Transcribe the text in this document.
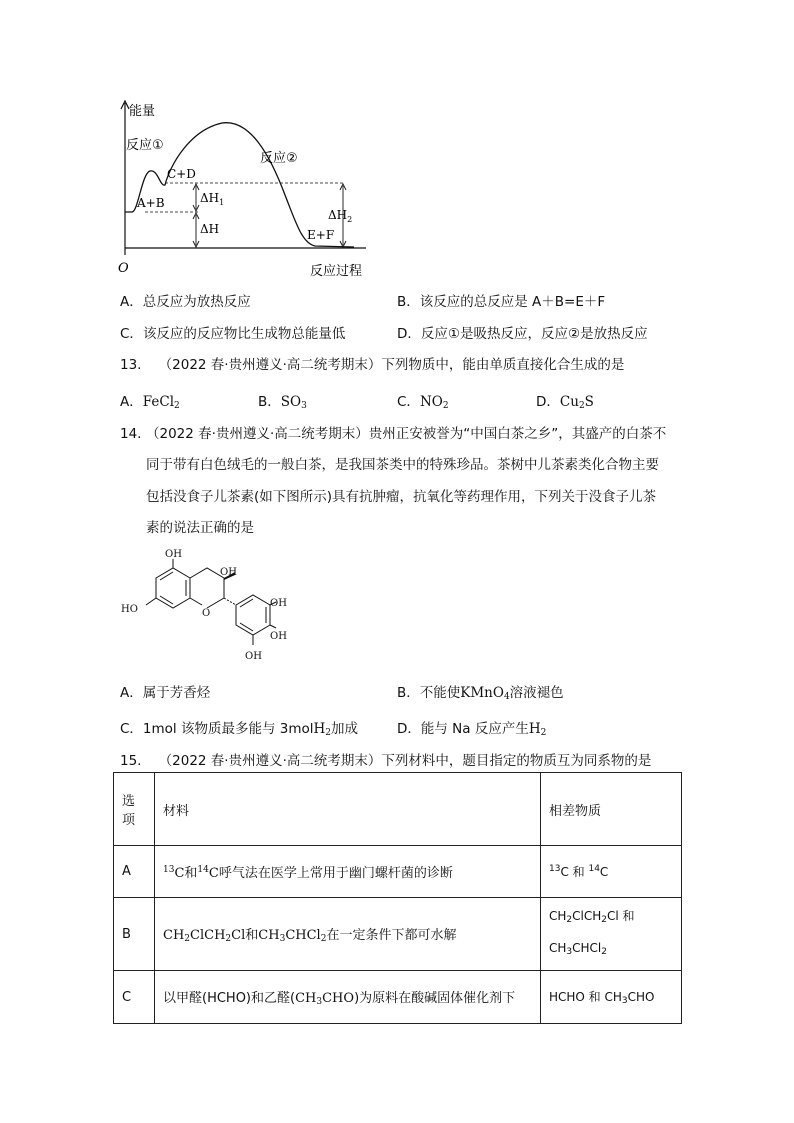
能量
反应①
反应②
C+D
A+B
E+F
$\Delta H_1$
ΔH
$\Delta H_2$
O	反应过程
A．总反应为放热反应	B．该反应的总反应是 A＋B=E＋F
C．该反应的反应物比生成物总能量低	D．反应①是吸热反应，反应②是放热反应
13. （2022 春·贵州遵义·高二统考期末）下列物质中，能由单质直接化合生成的是
A．FeCl$_2$	B．$SO_3$	C．$NO_2$	D．$Cu_2S$
14. （2022 春·贵州遵义·高二统考期末）贵州正安被誉为“中国白茶之乡”，其盛产的白茶不
同于带有白色绒毛的一般白茶，是我国茶类中的特殊珍品。茶树中儿茶素类化合物主要
包括没食子儿茶素(如下图所示)具有抗肿瘤，抗氧化等药理作用，下列关于没食子儿茶
素的说法正确的是
OH
OH
HO	O
OH
OH
OH
A．属于芳香烃	B．不能使KMnO$_4$溶液褪色
C．1mol 该物质最多能与 3molH$_2$加成	D．能与 Na 反应产生$H_2$
15. （2022 春·贵州遵义·高二统考期末）下列材料中，题目指定的物质互为同系物的是
选
项	材料	相差物质
A	$^{13}$C和$^{14}$C呼气法在医学上常用于幽门螺杆菌的诊断	$^{13}$C 和 $^{14}$C
B	$CH_2ClCH_2Cl$和$CH_3CHCl_2$在一定条件下都可水解	$CH_2ClCH_2Cl$ 和
$CH_3CHCl_2$
C	以甲醛(HCHO)和乙醛$(CH_3CHO)$为原料在酸碱固体催化剂下	HCHO 和 $CH_3CHO$
